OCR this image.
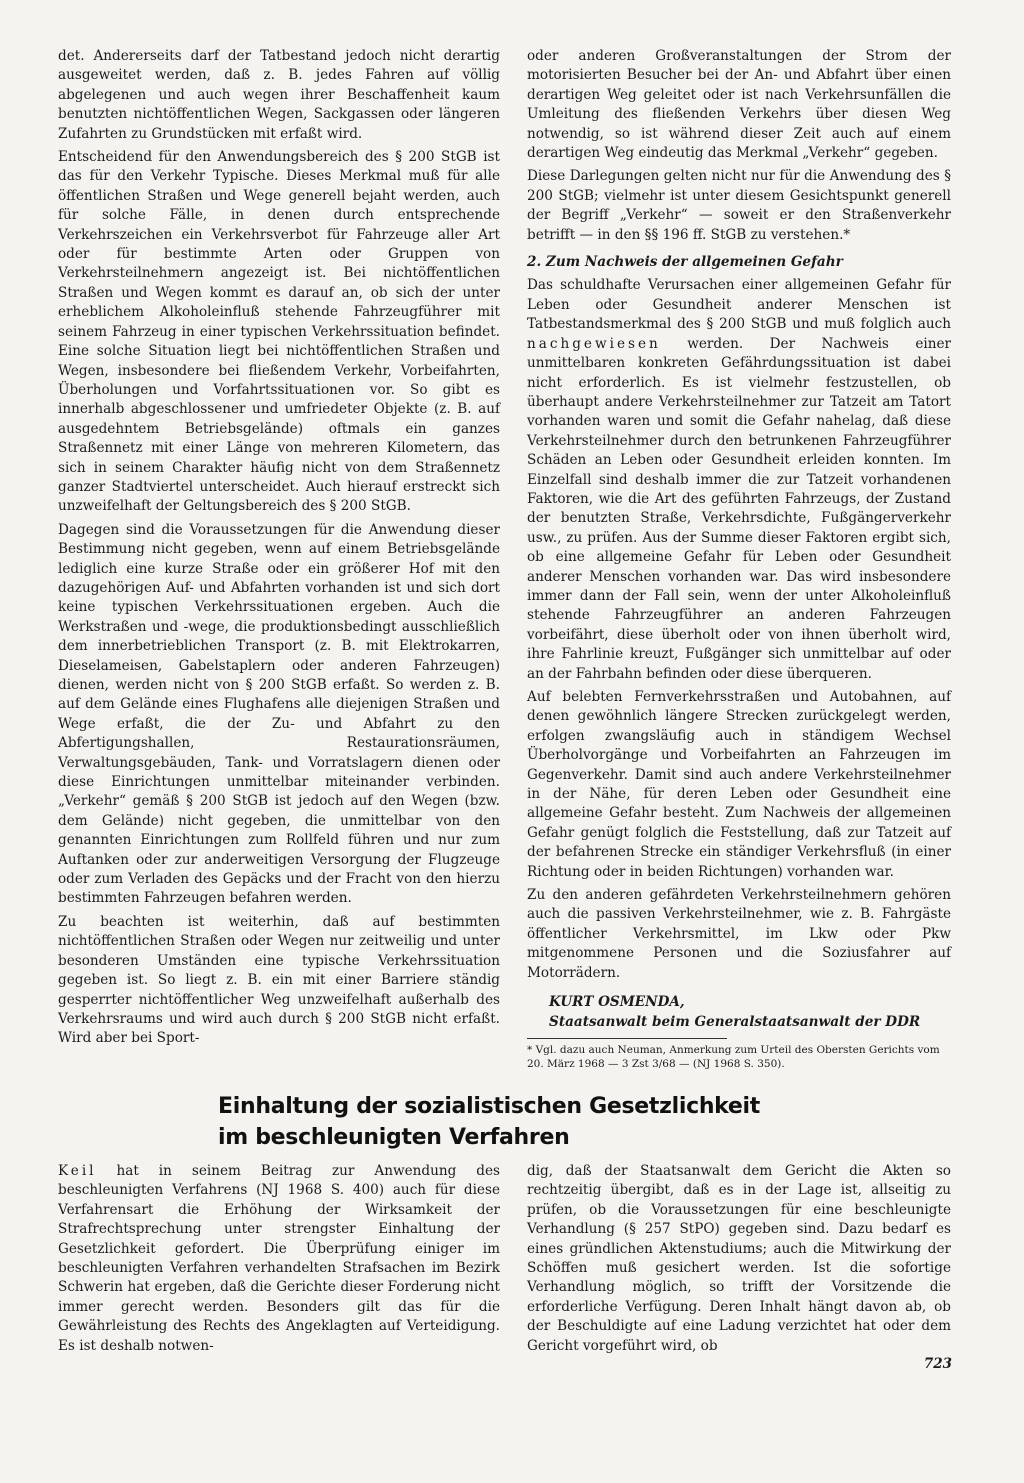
det. Andererseits darf der Tatbestand jedoch nicht derartig ausgeweitet werden, daß z. B. jedes Fahren auf völlig abgelegenen und auch wegen ihrer Beschaffenheit kaum benutzten nichtöffentlichen Wegen, Sackgassen oder längeren Zufahrten zu Grundstücken mit erfaßt wird.

Entscheidend für den Anwendungsbereich des § 200 StGB ist das für den Verkehr Typische. Dieses Merkmal muß für alle öffentlichen Straßen und Wege generell bejaht werden, auch für solche Fälle, in denen durch entsprechende Verkehrszeichen ein Verkehrsverbot für Fahrzeuge aller Art oder für bestimmte Arten oder Gruppen von Verkehrsteilnehmern angezeigt ist. Bei nichtöffentlichen Straßen und Wegen kommt es darauf an, ob sich der unter erheblichem Alkoholeinfluß stehende Fahrzeugführer mit seinem Fahrzeug in einer typischen Verkehrssituation befindet. Eine solche Situation liegt bei nichtöffentlichen Straßen und Wegen, insbesondere bei fließendem Verkehr, Vorbeifahrten, Überholungen und Vorfahrtssituationen vor. So gibt es innerhalb abgeschlossener und umfriedeter Objekte (z. B. auf ausgedehntem Betriebsgelände) oftmals ein ganzes Straßennetz mit einer Länge von mehreren Kilometern, das sich in seinem Charakter häufig nicht von dem Straßennetz ganzer Stadtviertel unterscheidet. Auch hierauf erstreckt sich unzweifelhaft der Geltungsbereich des § 200 StGB.

Dagegen sind die Voraussetzungen für die Anwendung dieser Bestimmung nicht gegeben, wenn auf einem Betriebsgelände lediglich eine kurze Straße oder ein größerer Hof mit den dazugehörigen Auf- und Abfahrten vorhanden ist und sich dort keine typischen Verkehrssituationen ergeben. Auch die Werkstraßen und -wege, die produktionsbedingt ausschließlich dem innerbetrieblichen Transport (z. B. mit Elektrokarren, Dieselameisen, Gabelstaplern oder anderen Fahrzeugen) dienen, werden nicht von § 200 StGB erfaßt. So werden z. B. auf dem Gelände eines Flughafens alle diejenigen Straßen und Wege erfaßt, die der Zu- und Abfahrt zu den Abfertigungshallen, Restaurationsräumen, Verwaltungsgebäuden, Tank- und Vorratslagern dienen oder diese Einrichtungen unmittelbar miteinander verbinden. „Verkehr“ gemäß § 200 StGB ist jedoch auf den Wegen (bzw. dem Gelände) nicht gegeben, die unmittelbar von den genannten Einrichtungen zum Rollfeld führen und nur zum Auftanken oder zur anderweitigen Versorgung der Flugzeuge oder zum Verladen des Gepäcks und der Fracht von den hierzu bestimmten Fahrzeugen befahren werden.

Zu beachten ist weiterhin, daß auf bestimmten nichtöffentlichen Straßen oder Wegen nur zeitweilig und unter besonderen Umständen eine typische Verkehrssituation gegeben ist. So liegt z. B. ein mit einer Barriere ständig gesperrter nichtöffentlicher Weg unzweifelhaft außerhalb des Verkehrsraums und wird auch durch § 200 StGB nicht erfaßt. Wird aber bei Sport-

oder anderen Großveranstaltungen der Strom der motorisierten Besucher bei der An- und Abfahrt über einen derartigen Weg geleitet oder ist nach Verkehrsunfällen die Umleitung des fließenden Verkehrs über diesen Weg notwendig, so ist während dieser Zeit auch auf einem derartigen Weg eindeutig das Merkmal „Verkehr“ gegeben.

Diese Darlegungen gelten nicht nur für die Anwendung des § 200 StGB; vielmehr ist unter diesem Gesichtspunkt generell der Begriff „Verkehr“ — soweit er den Straßenverkehr betrifft — in den §§ 196 ff. StGB zu verstehen.*

2. Zum Nachweis der allgemeinen Gefahr

Das schuldhafte Verursachen einer allgemeinen Gefahr für Leben oder Gesundheit anderer Menschen ist Tatbestandsmerkmal des § 200 StGB und muß folglich auch nachgewiesen werden. Der Nachweis einer unmittelbaren konkreten Gefährdungssituation ist dabei nicht erforderlich. Es ist vielmehr festzustellen, ob überhaupt andere Verkehrsteilnehmer zur Tatzeit am Tatort vorhanden waren und somit die Gefahr nahelag, daß diese Verkehrsteilnehmer durch den betrunkenen Fahrzeugführer Schäden an Leben oder Gesundheit erleiden konnten. Im Einzelfall sind deshalb immer die zur Tatzeit vorhandenen Faktoren, wie die Art des geführten Fahrzeugs, der Zustand der benutzten Straße, Verkehrsdichte, Fußgängerverkehr usw., zu prüfen. Aus der Summe dieser Faktoren ergibt sich, ob eine allgemeine Gefahr für Leben oder Gesundheit anderer Menschen vorhanden war. Das wird insbesondere immer dann der Fall sein, wenn der unter Alkoholeinfluß stehende Fahrzeugführer an anderen Fahrzeugen vorbeifährt, diese überholt oder von ihnen überholt wird, ihre Fahrlinie kreuzt, Fußgänger sich unmittelbar auf oder an der Fahrbahn befinden oder diese überqueren.

Auf belebten Fernverkehrsstraßen und Autobahnen, auf denen gewöhnlich längere Strecken zurückgelegt werden, erfolgen zwangsläufig auch in ständigem Wechsel Überholvorgänge und Vorbeifahrten an Fahrzeugen im Gegenverkehr. Damit sind auch andere Verkehrsteilnehmer in der Nähe, für deren Leben oder Gesundheit eine allgemeine Gefahr besteht. Zum Nachweis der allgemeinen Gefahr genügt folglich die Feststellung, daß zur Tatzeit auf der befahrenen Strecke ein ständiger Verkehrsfluß (in einer Richtung oder in beiden Richtungen) vorhanden war.

Zu den anderen gefährdeten Verkehrsteilnehmern gehören auch die passiven Verkehrsteilnehmer, wie z. B. Fahrgäste öffentlicher Verkehrsmittel, im Lkw oder Pkw mitgenommene Personen und die Soziusfahrer auf Motorrädern.

KURT OSMENDA,
Staatsanwalt beim Generalstaatsanwalt der DDR

* Vgl. dazu auch Neuman, Anmerkung zum Urteil des Obersten Gerichts vom 20. März 1968 — 3 Zst 3/68 — (NJ 1968 S. 350).

Einhaltung der sozialistischen Gesetzlichkeit
im beschleunigten Verfahren

Keil hat in seinem Beitrag zur Anwendung des beschleunigten Verfahrens (NJ 1968 S. 400) auch für diese Verfahrensart die Erhöhung der Wirksamkeit der Strafrechtsprechung unter strengster Einhaltung der Gesetzlichkeit gefordert. Die Überprüfung einiger im beschleunigten Verfahren verhandelten Strafsachen im Bezirk Schwerin hat ergeben, daß die Gerichte dieser Forderung nicht immer gerecht werden. Besonders gilt das für die Gewährleistung des Rechts des Angeklagten auf Verteidigung. Es ist deshalb notwen-

dig, daß der Staatsanwalt dem Gericht die Akten so rechtzeitig übergibt, daß es in der Lage ist, allseitig zu prüfen, ob die Voraussetzungen für eine beschleunigte Verhandlung (§ 257 StPO) gegeben sind. Dazu bedarf es eines gründlichen Aktenstudiums; auch die Mitwirkung der Schöffen muß gesichert werden. Ist die sofortige Verhandlung möglich, so trifft der Vorsitzende die erforderliche Verfügung. Deren Inhalt hängt davon ab, ob der Beschuldigte auf eine Ladung verzichtet hat oder dem Gericht vorgeführt wird, ob

723
